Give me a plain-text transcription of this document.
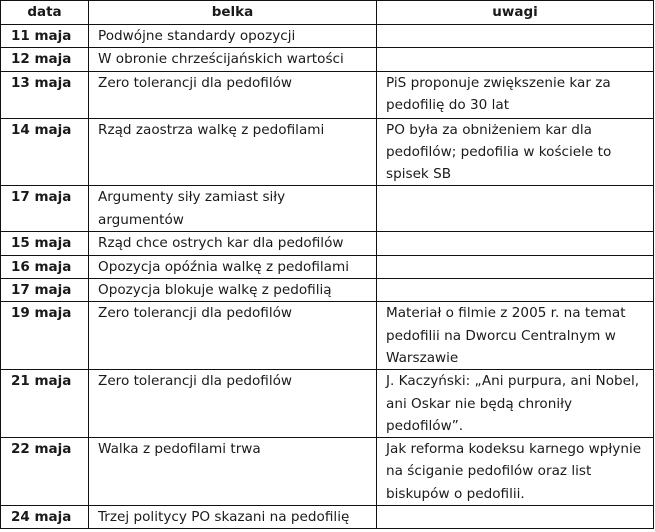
data	belka	uwagi
11 maja	Podwójne standardy opozycji	
12 maja	W obronie chrześcijańskich wartości	
13 maja	Zero tolerancji dla pedofilów	PiS proponuje zwiększenie kar za pedofilię do 30 lat
14 maja	Rząd zaostrza walkę z pedofilami	PO była za obniżeniem kar dla pedofilów; pedofilia w kościele to spisek SB
17 maja	Argumenty siły zamiast siły argumentów	
15 maja	Rząd chce ostrych kar dla pedofilów	
16 maja	Opozycja opóźnia walkę z pedofilami	
17 maja	Opozycja blokuje walkę z pedofilią	
19 maja	Zero tolerancji dla pedofilów	Materiał o filmie z 2005 r. na temat pedofilii na Dworcu Centralnym w Warszawie
21 maja	Zero tolerancji dla pedofilów	J. Kaczyński: „Ani purpura, ani Nobel, ani Oskar nie będą chroniły pedofilów”.
22 maja	Walka z pedofilami trwa	Jak reforma kodeksu karnego wpłynie na ściganie pedofilów oraz list biskupów o pedofilii.
24 maja	Trzej politycy PO skazani na pedofilię	
